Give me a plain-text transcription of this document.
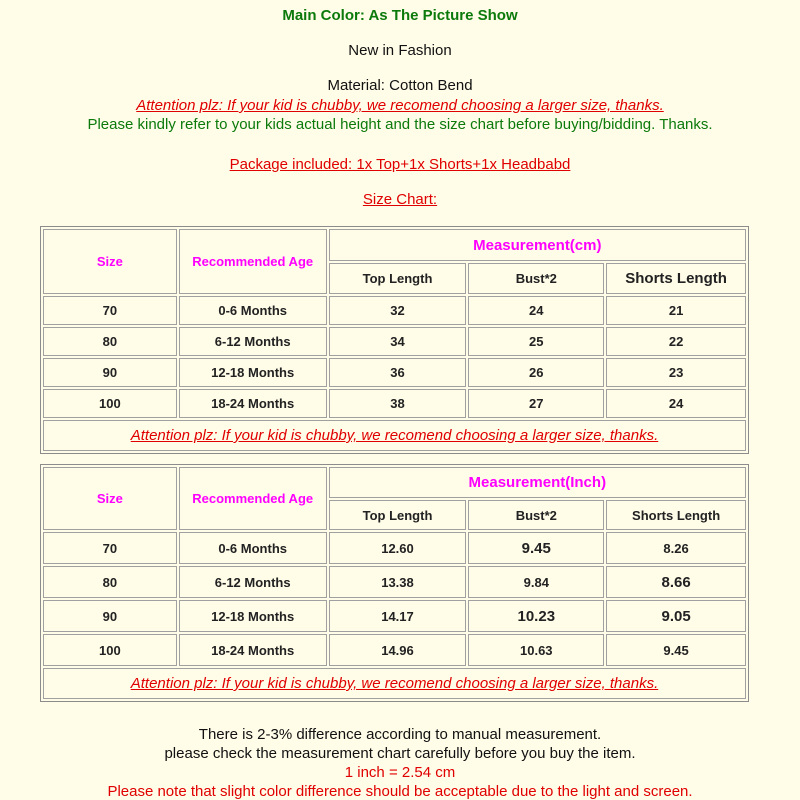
Main Color: As The Picture Show
New in Fashion
Material: Cotton Bend
Attention plz: If your kid is chubby, we recomend choosing a larger size, thanks.
Please kindly refer to your kids actual height and the size chart before buying/bidding. Thanks.
Package included: 1x Top+1x Shorts+1x Headbabd
Size Chart:
Size	Recommended Age	Measurement(cm)		
		Top Length	Bust*2	Shorts Length
70	0-6 Months	32	24	21
80	6-12 Months	34	25	22
90	12-18 Months	36	26	23
100	18-24 Months	38	27	24
Attention plz: If your kid is chubby, we recomend choosing a larger size, thanks.				
Size	Recommended Age	Measurement(Inch)		
		Top Length	Bust*2	Shorts Length
70	0-6 Months	12.60	9.45	8.26
80	6-12 Months	13.38	9.84	8.66
90	12-18 Months	14.17	10.23	9.05
100	18-24 Months	14.96	10.63	9.45
Attention plz: If your kid is chubby, we recomend choosing a larger size, thanks.				
There is 2-3% difference according to manual measurement.
please check the measurement chart carefully before you buy the item.
1 inch = 2.54 cm
Please note that slight color difference should be acceptable due to the light and screen.
